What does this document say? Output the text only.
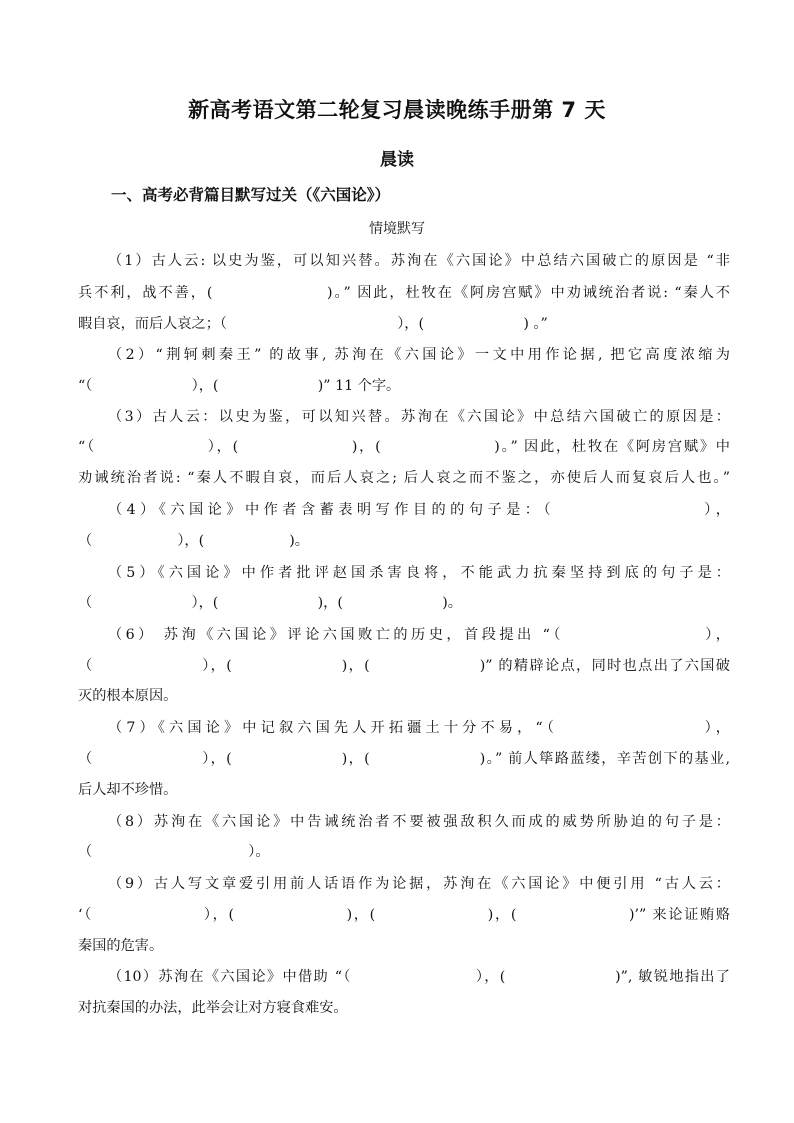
新高考语文第二轮复习晨读晚练手册第 7 天
晨读
一、高考必背篇目默写过关（《六国论》）
情境默写
（1）古人云: 以史为鉴，可以知兴替。苏洵在《六国论》中总结六国破亡的原因是 “非
兵不利，战不善，(　　　　　　　)。” 因此，杜牧在《阿房宫赋》中劝诫统治者说: “秦人不
暇自哀，而后人哀之；（　　　　　　　　　　　　），(　　　　　　　) 。”
（2）“荆轲刺秦王” 的故事, 苏洵在《六国论》一文中用作论据, 把它高度浓缩为
“（　　　　　　　），(　　　　　　　)” 11 个字。
（3）古人云：以史为鉴，可以知兴替。苏洵在《六国论》中总结六国破亡的原因是：
“（　　　　　　　），(　　　　　　　)，(　　　　　　　)。” 因此，杜牧在《阿房宫赋》中
劝诫统治者说: “秦人不暇自哀，而后人哀之; 后人哀之而不鉴之，亦使后人而复哀后人也。”
（4）《六国论》中作者含蓄表明写作目的的句子是：（　　　　　　　　），
（　　　　　　），(　　　　　　)。
（5）《六国论》中作者批评赵国杀害良将，不能武力抗秦坚持到底的句子是：
（　　　　　　　），(　　　　　　　)，(　　　　　　　)。
（6） 苏洵《六国论》评论六国败亡的历史，首段提出 “（　　　　　　　　），
（　　　　　　　），(　　　　　　　)，(　　　　　　　)” 的精辟论点，同时也点出了六国破
灭的根本原因。
（7）《六国论》中记叙六国先人开拓疆土十分不易，“（　　　　　　　　），
（　　　　　　　），(　　　　　　　)，(　　　　　　　)。” 前人筚路蓝缕，辛苦创下的基业,
后人却不珍惜。
（8）苏洵在《六国论》中告诫统治者不要被强敌积久而成的威势所胁迫的句子是：
（　　　　　　　　　　　）。
（9）古人写文章爱引用前人话语作为论据，苏洵在《六国论》中便引用 “古人云：
‘（　　　　　　　），(　　　　　　　)，(　　　　　　　)，(　　　　　　　)’” 来论证贿赂
秦国的危害。
（10）苏洵在《六国论》中借助 “（　　　　　　　　），(　　　　　　　)”, 敏锐地指出了
对抗秦国的办法，此举会让对方寝食难安。
